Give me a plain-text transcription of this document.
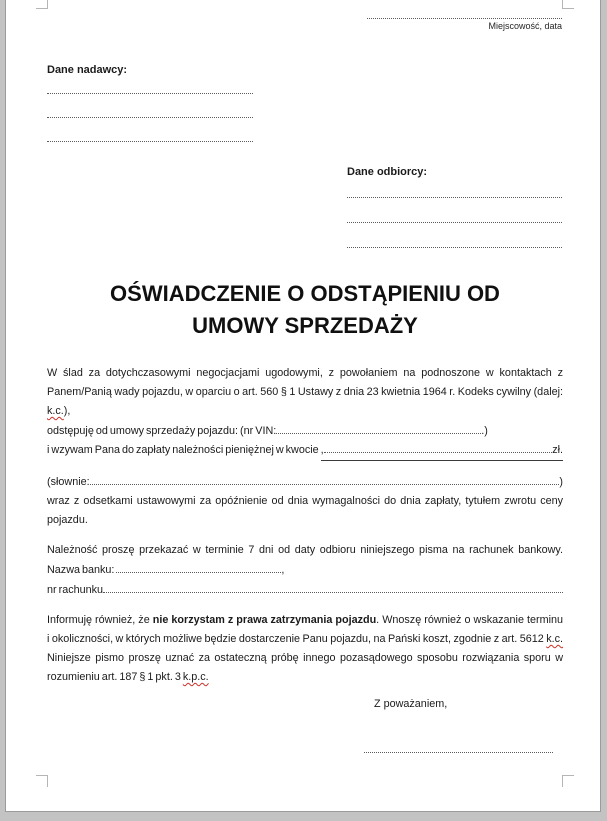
Miejscowość, data
Dane nadawcy:
Dane odbiorcy:
OŚWIADCZENIE O ODSTĄPIENIU OD
UMOWY SPRZEDAŻY

W ślad za dotychczasowymi negocjacjami ugodowymi, z powołaniem na podnoszone w kontaktach z
Panem/Panią wady pojazdu, w oparciu o art. 560 § 1 Ustawy z dnia 23 kwietnia 1964 r. Kodeks cywilny (dalej:
k.c.),
odstępuję od umowy sprzedaży pojazdu: (nr VIN:	.)
i wzywam Pana do zapłaty należności pieniężnej w kwocie
,	zł.

(słownie:	)
wraz z odsetkami ustawowymi za opóźnienie od dnia wymagalności do dnia zapłaty, tytułem zwrotu ceny
pojazdu.

Należność proszę przekazać w terminie 7 dni od daty odbioru niniejszego pisma na rachunek bankowy.
Nazwa banku:	,
nr rachunku

Informuję również, że nie korzystam z prawa zatrzymania pojazdu. Wnoszę również o wskazanie terminu
i okoliczności, w których możliwe będzie dostarczenie Panu pojazdu, na Pański koszt, zgodnie z art. 5612 k.c.
Niniejsze pismo proszę uznać za ostateczną próbę innego pozasądowego sposobu rozwiązania sporu w
rozumieniu art. 187 § 1 pkt. 3 k.p.c.

Z poważaniem,
